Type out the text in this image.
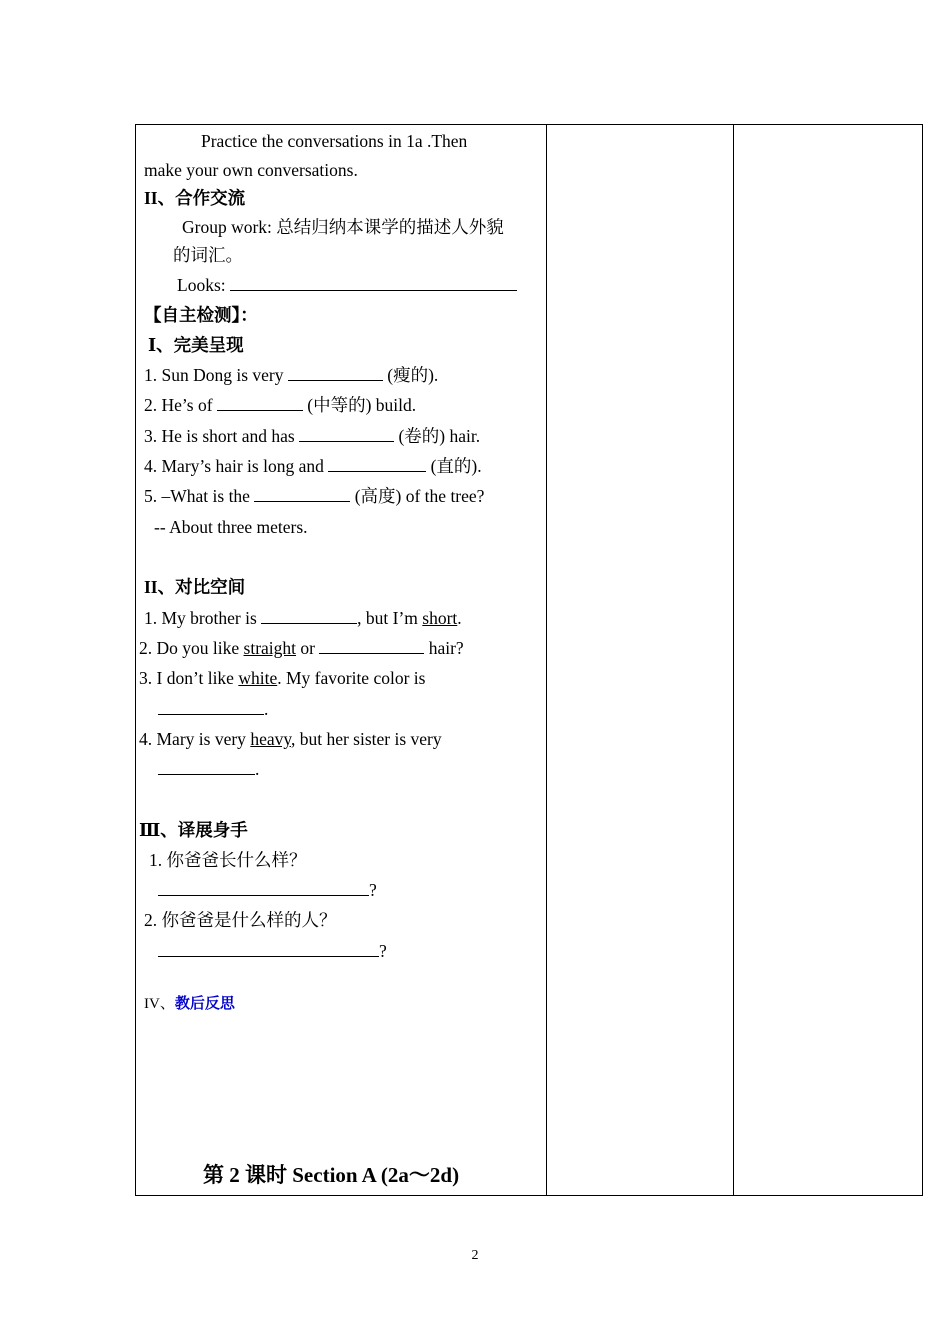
Practice the conversations in 1a .Then
make your own conversations.
II、合作交流
Group work: 总结归纳本课学的描述人外貌
的词汇。
Looks:
【自主检测】：
Ⅰ、完美呈现
1. Sun Dong is very	(瘦的).
2. He’s of	(中等的) build.
3. He is short and has	(卷的) hair.
4. Mary’s hair is long and	(直的).
5. –What is the	(高度) of the tree?
-- About three meters.
II、对比空间
1. My brother is	, but I’m short.
2. Do you like straight or	hair?
3. I don’t like white. My favorite color is
.
4. Mary is very heavy, but her sister is very
.
Ⅲ、译展身手
1. 你爸爸长什么样？
?
2. 你爸爸是什么样的人？
?
IV、教后反思
第 2 课时 Section A (2a～2d)
2
